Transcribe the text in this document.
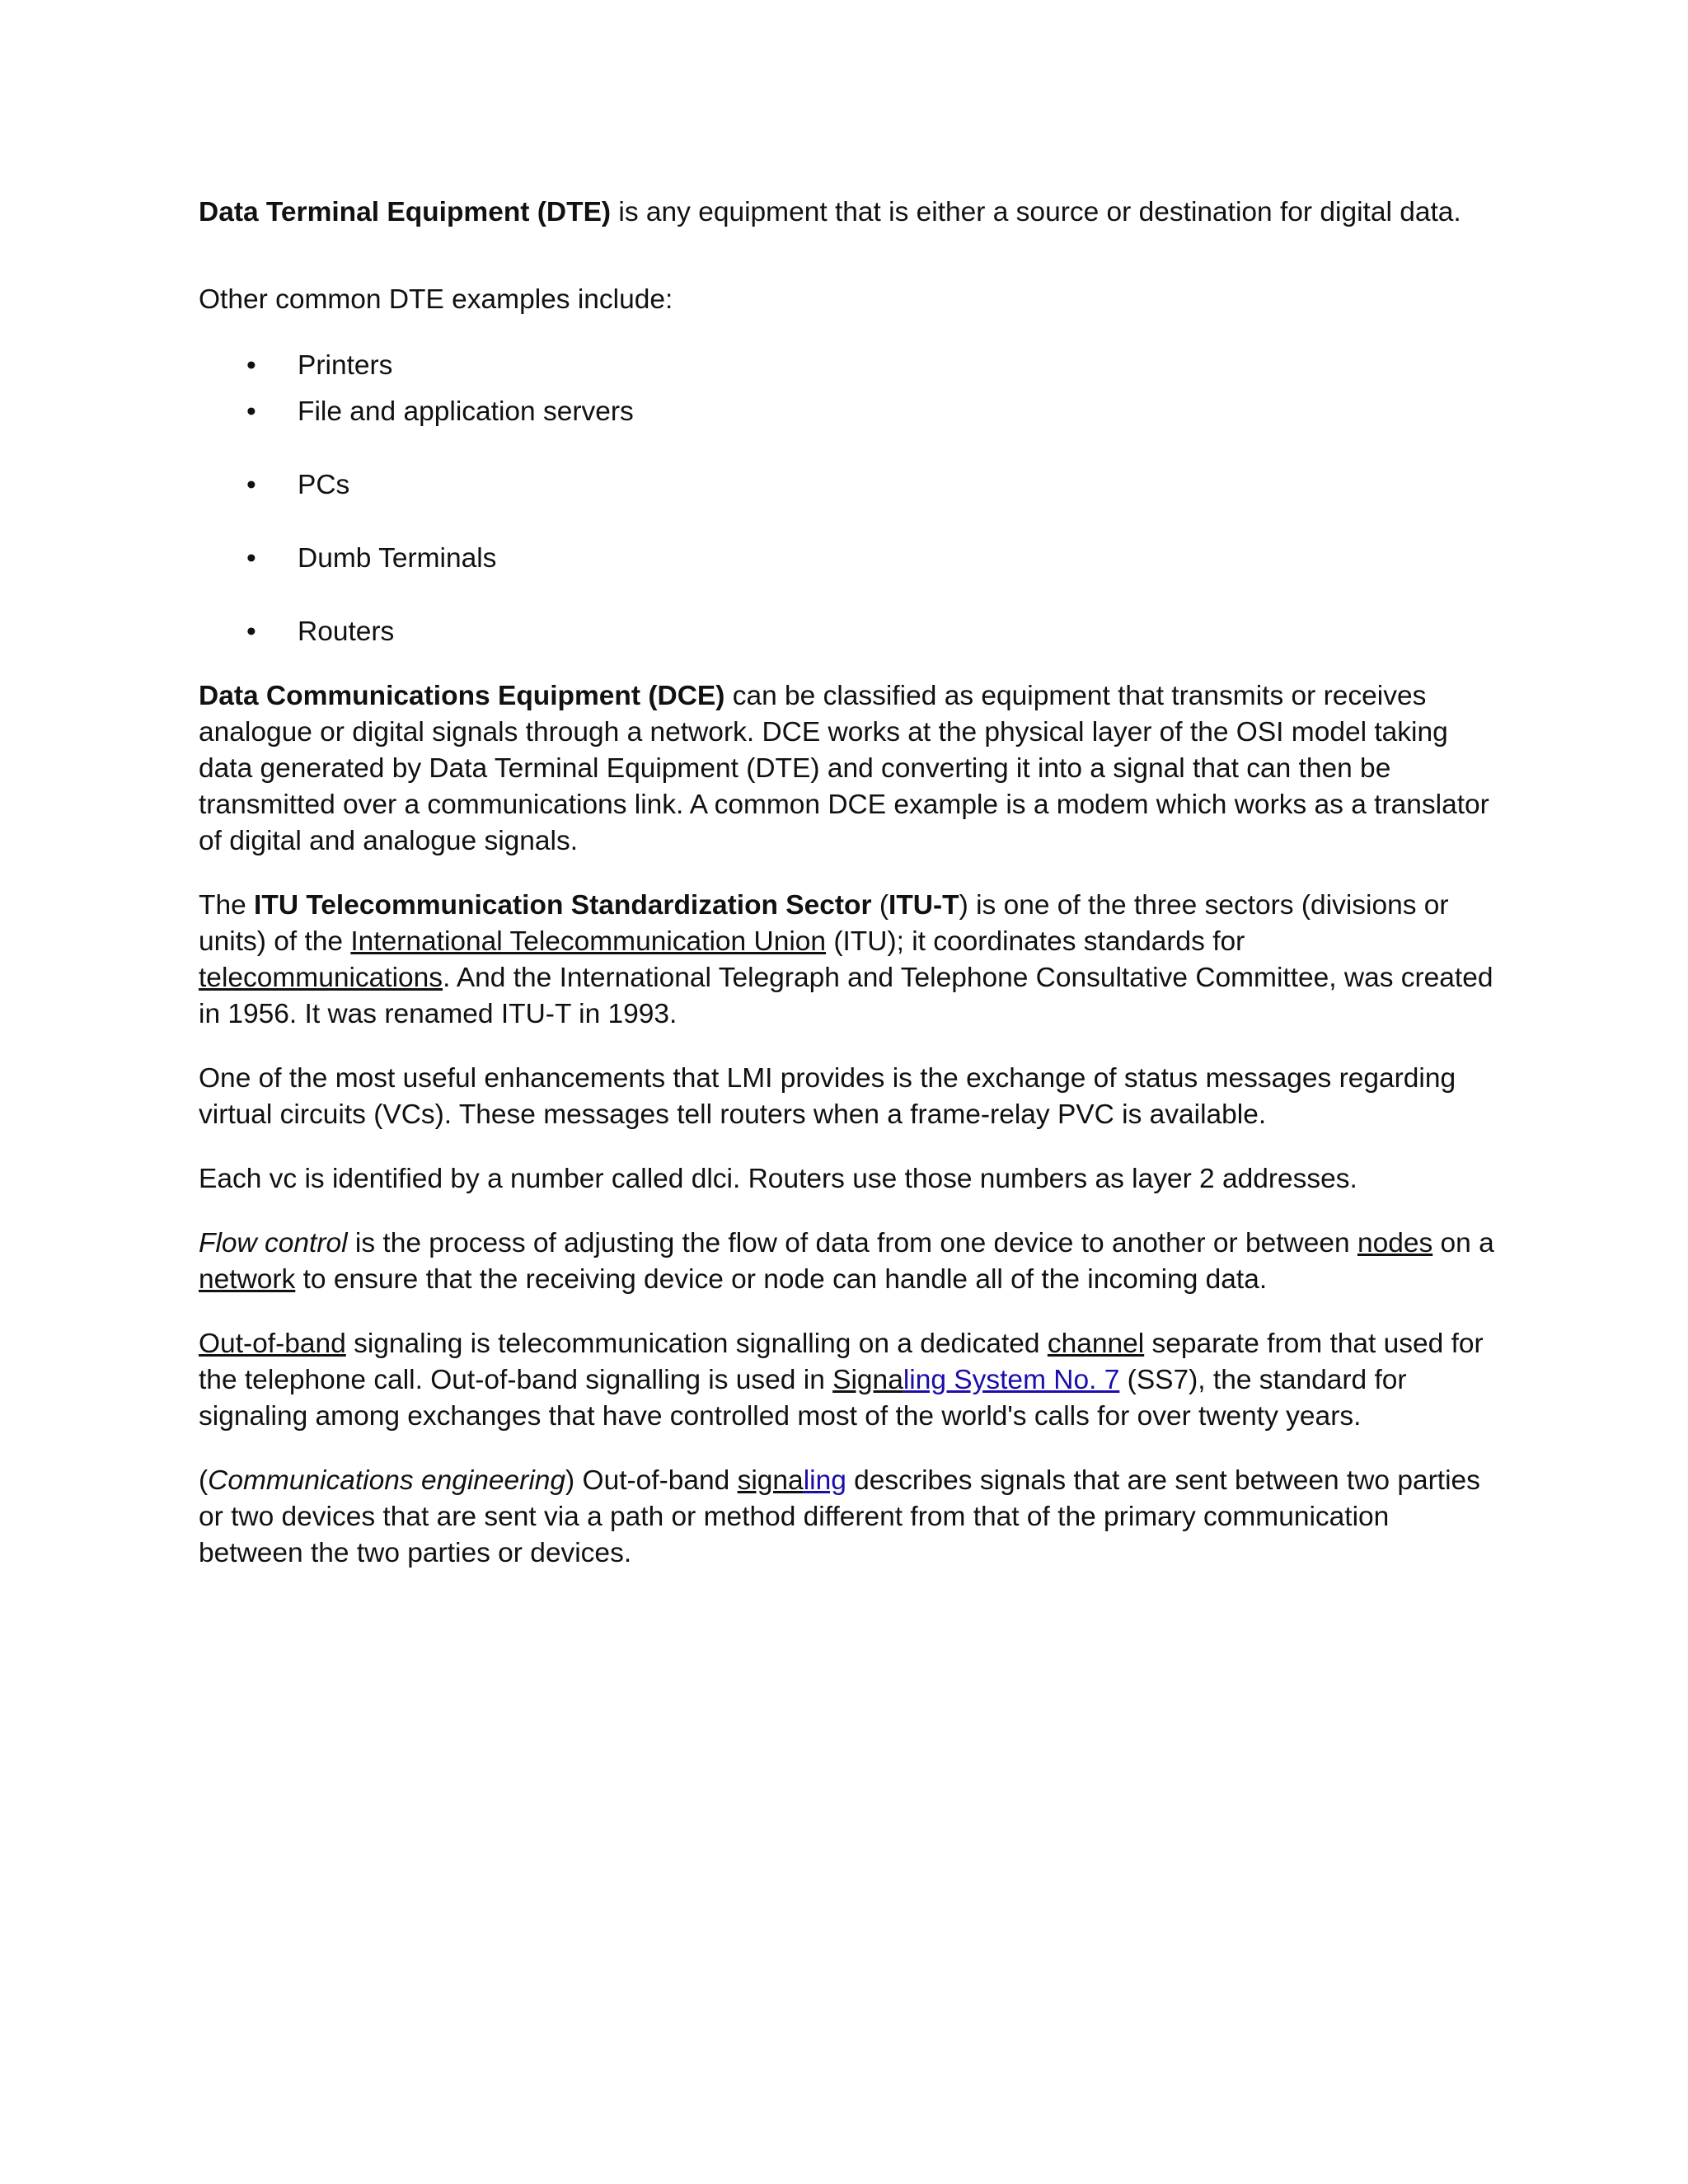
Data Terminal Equipment (DTE) is any equipment that is either a source or destination for digital data.

Other common DTE examples include:

• Printers
• File and application servers
• PCs
• Dumb Terminals
• Routers

Data Communications Equipment (DCE) can be classified as equipment that transmits or receives analogue or digital signals through a network. DCE works at the physical layer of the OSI model taking data generated by Data Terminal Equipment (DTE) and converting it into a signal that can then be transmitted over a communications link. A common DCE example is a modem which works as a translator of digital and analogue signals.

The ITU Telecommunication Standardization Sector (ITU-T) is one of the three sectors (divisions or units) of the International Telecommunication Union (ITU); it coordinates standards for telecommunications. And the International Telegraph and Telephone Consultative Committee, was created in 1956. It was renamed ITU-T in 1993.

One of the most useful enhancements that LMI provides is the exchange of status messages regarding virtual circuits (VCs). These messages tell routers when a frame-relay PVC is available.

Each vc is identified by a number called dlci. Routers use those numbers as layer 2 addresses.

Flow control is the process of adjusting the flow of data from one device to another or between nodes on a network to ensure that the receiving device or node can handle all of the incoming data.

Out-of-band signaling is telecommunication signalling on a dedicated channel separate from that used for the telephone call. Out-of-band signalling is used in Signaling System No. 7 (SS7), the standard for signaling among exchanges that have controlled most of the world's calls for over twenty years.

(Communications engineering) Out-of-band signaling describes signals that are sent between two parties or two devices that are sent via a path or method different from that of the primary communication between the two parties or devices.
